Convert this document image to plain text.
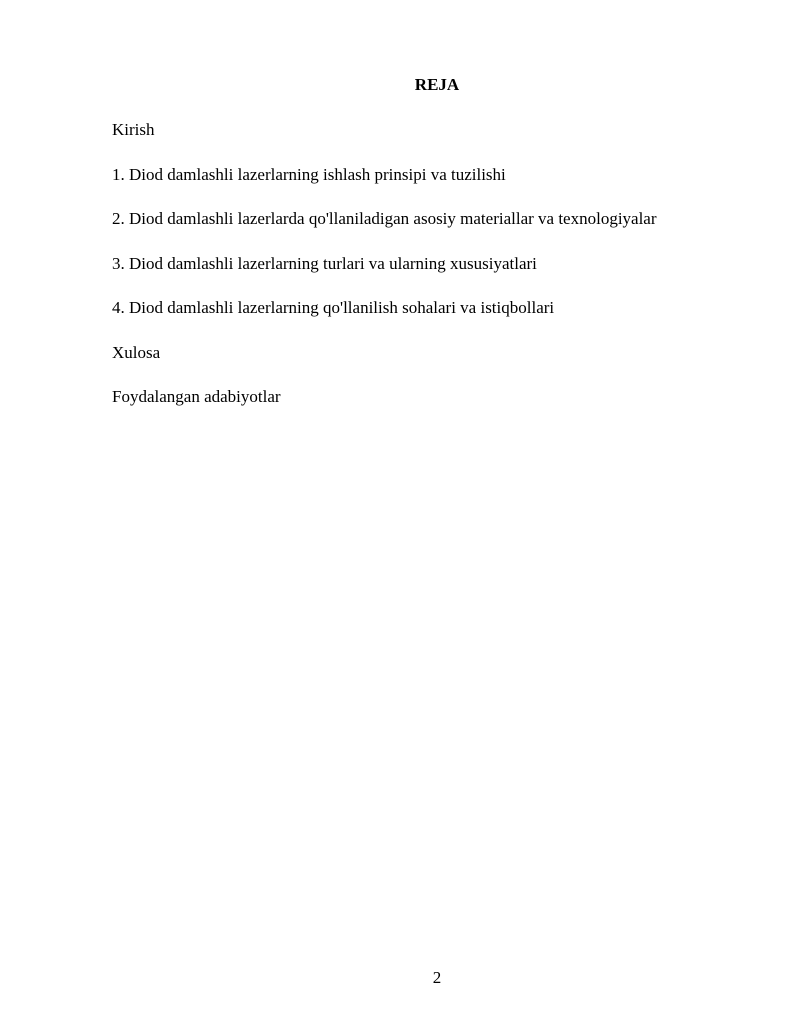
REJA
Kirish
1. Diod damlashli lazerlarning ishlash prinsipi va tuzilishi
2. Diod damlashli lazerlarda qo'llaniladigan asosiy materiallar va texnologiyalar
3. Diod damlashli lazerlarning turlari va ularning xususiyatlari
4. Diod damlashli lazerlarning qo'llanilish sohalari va istiqbollari
Xulosa
Foydalangan adabiyotlar
2
